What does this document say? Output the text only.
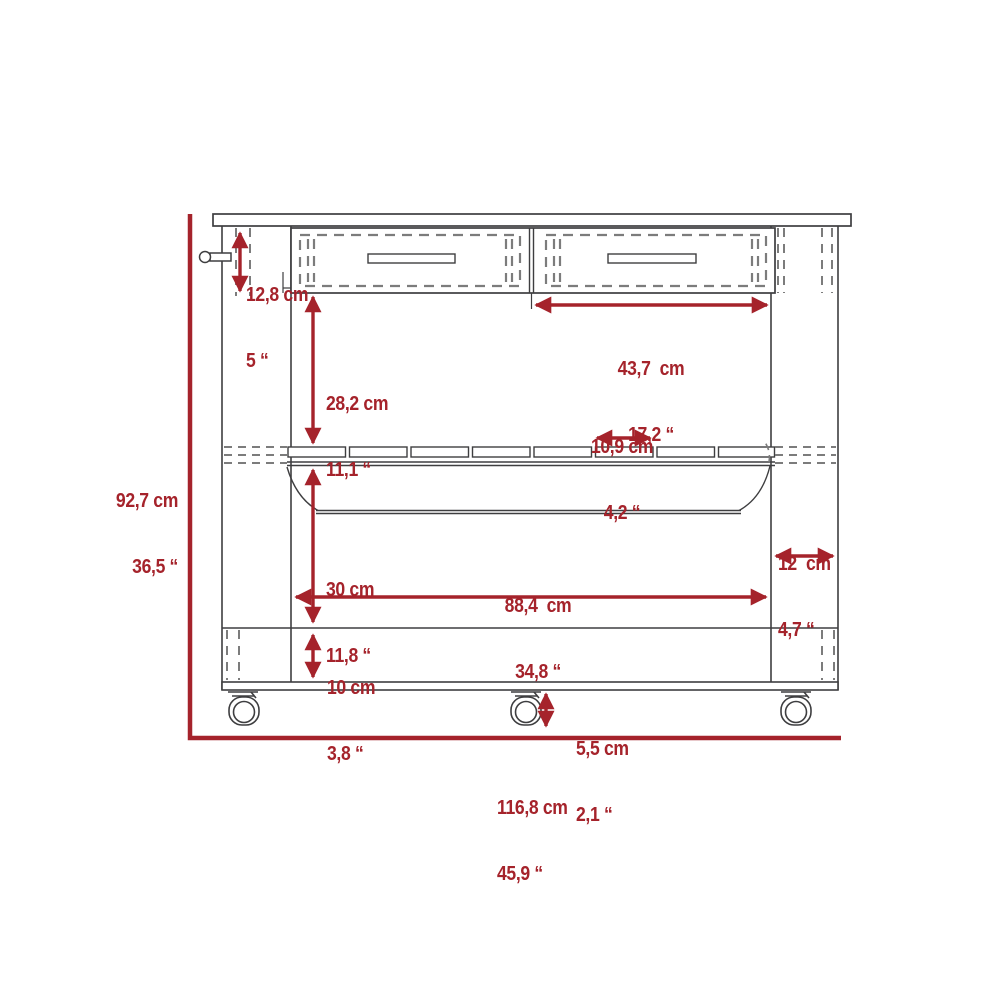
12,8 cm

5 “

	43,7  cm

17,2 “

28,2 cm

11,1 “

10,9 cm

4,2 “

92,7 cm

36,5 “

	12  cm

4,7 “

30 cm

11,8 “

88,4  cm

34,8 “

10 cm

3,8 “

	5,5 cm

2,1 “

116,8 cm

45,9 “
